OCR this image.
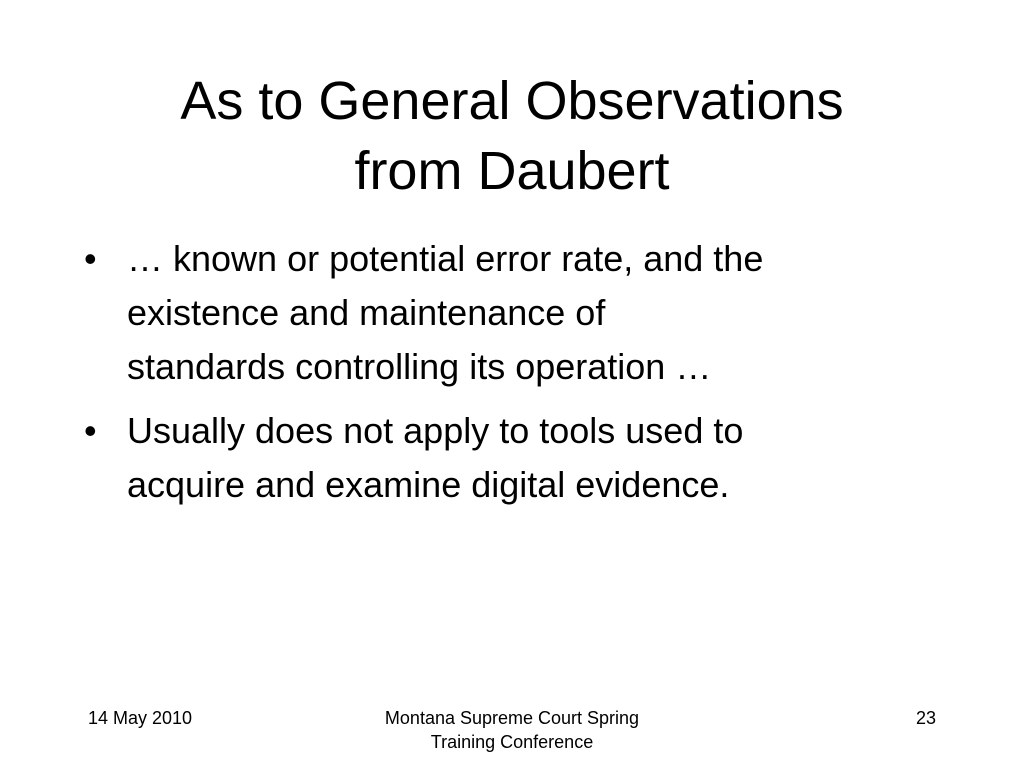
As to General Observations
from Daubert
• … known or potential error rate, and the
existence and maintenance of
standards controlling its operation …
• Usually does not apply to tools used to
acquire and examine digital evidence.
14 May 2010	Montana Supreme Court Spring
Training Conference
23
